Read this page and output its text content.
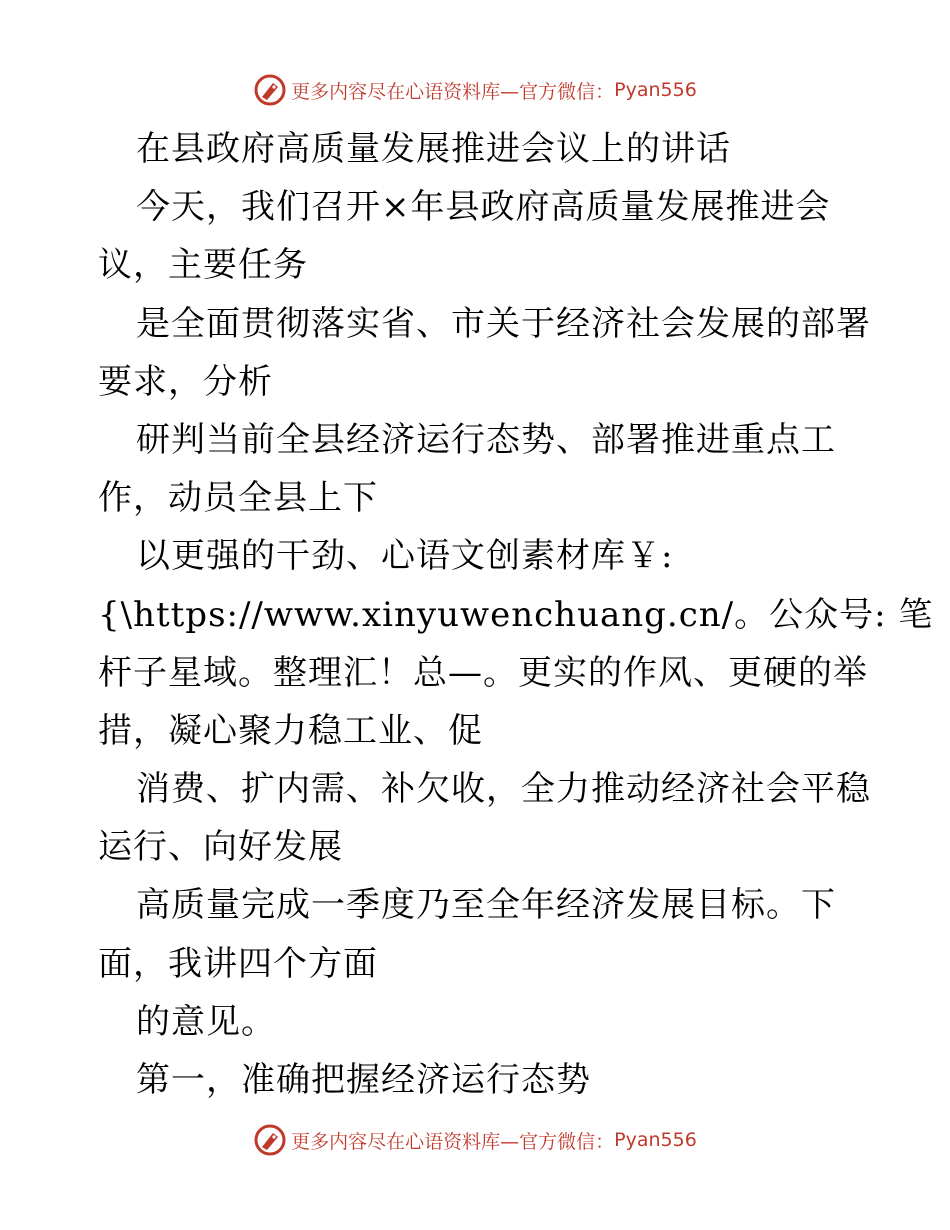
更多内容尽在心语资料库—官方微信： Pyan556
在县政府高质量发展推进会议上的讲话
今天，我们召开×年县政府高质量发展推进会
议，主要任务
是全面贯彻落实省、市关于经济社会发展的部署
要求，分析
研判当前全县经济运行态势、部署推进重点工
作，动员全县上下
以更强的干劲、心语文创素材库￥:
{\https://www.xinyuwenchuang.cn/。公众号: 笔
杆子星域。整理汇！总—。更实的作风、更硬的举
措，凝心聚力稳工业、促
消费、扩内需、补欠收，全力推动经济社会平稳
运行、向好发展
高质量完成一季度乃至全年经济发展目标。下
面，我讲四个方面
的意见。
第一，准确把握经济运行态势
更多内容尽在心语资料库—官方微信： Pyan556
